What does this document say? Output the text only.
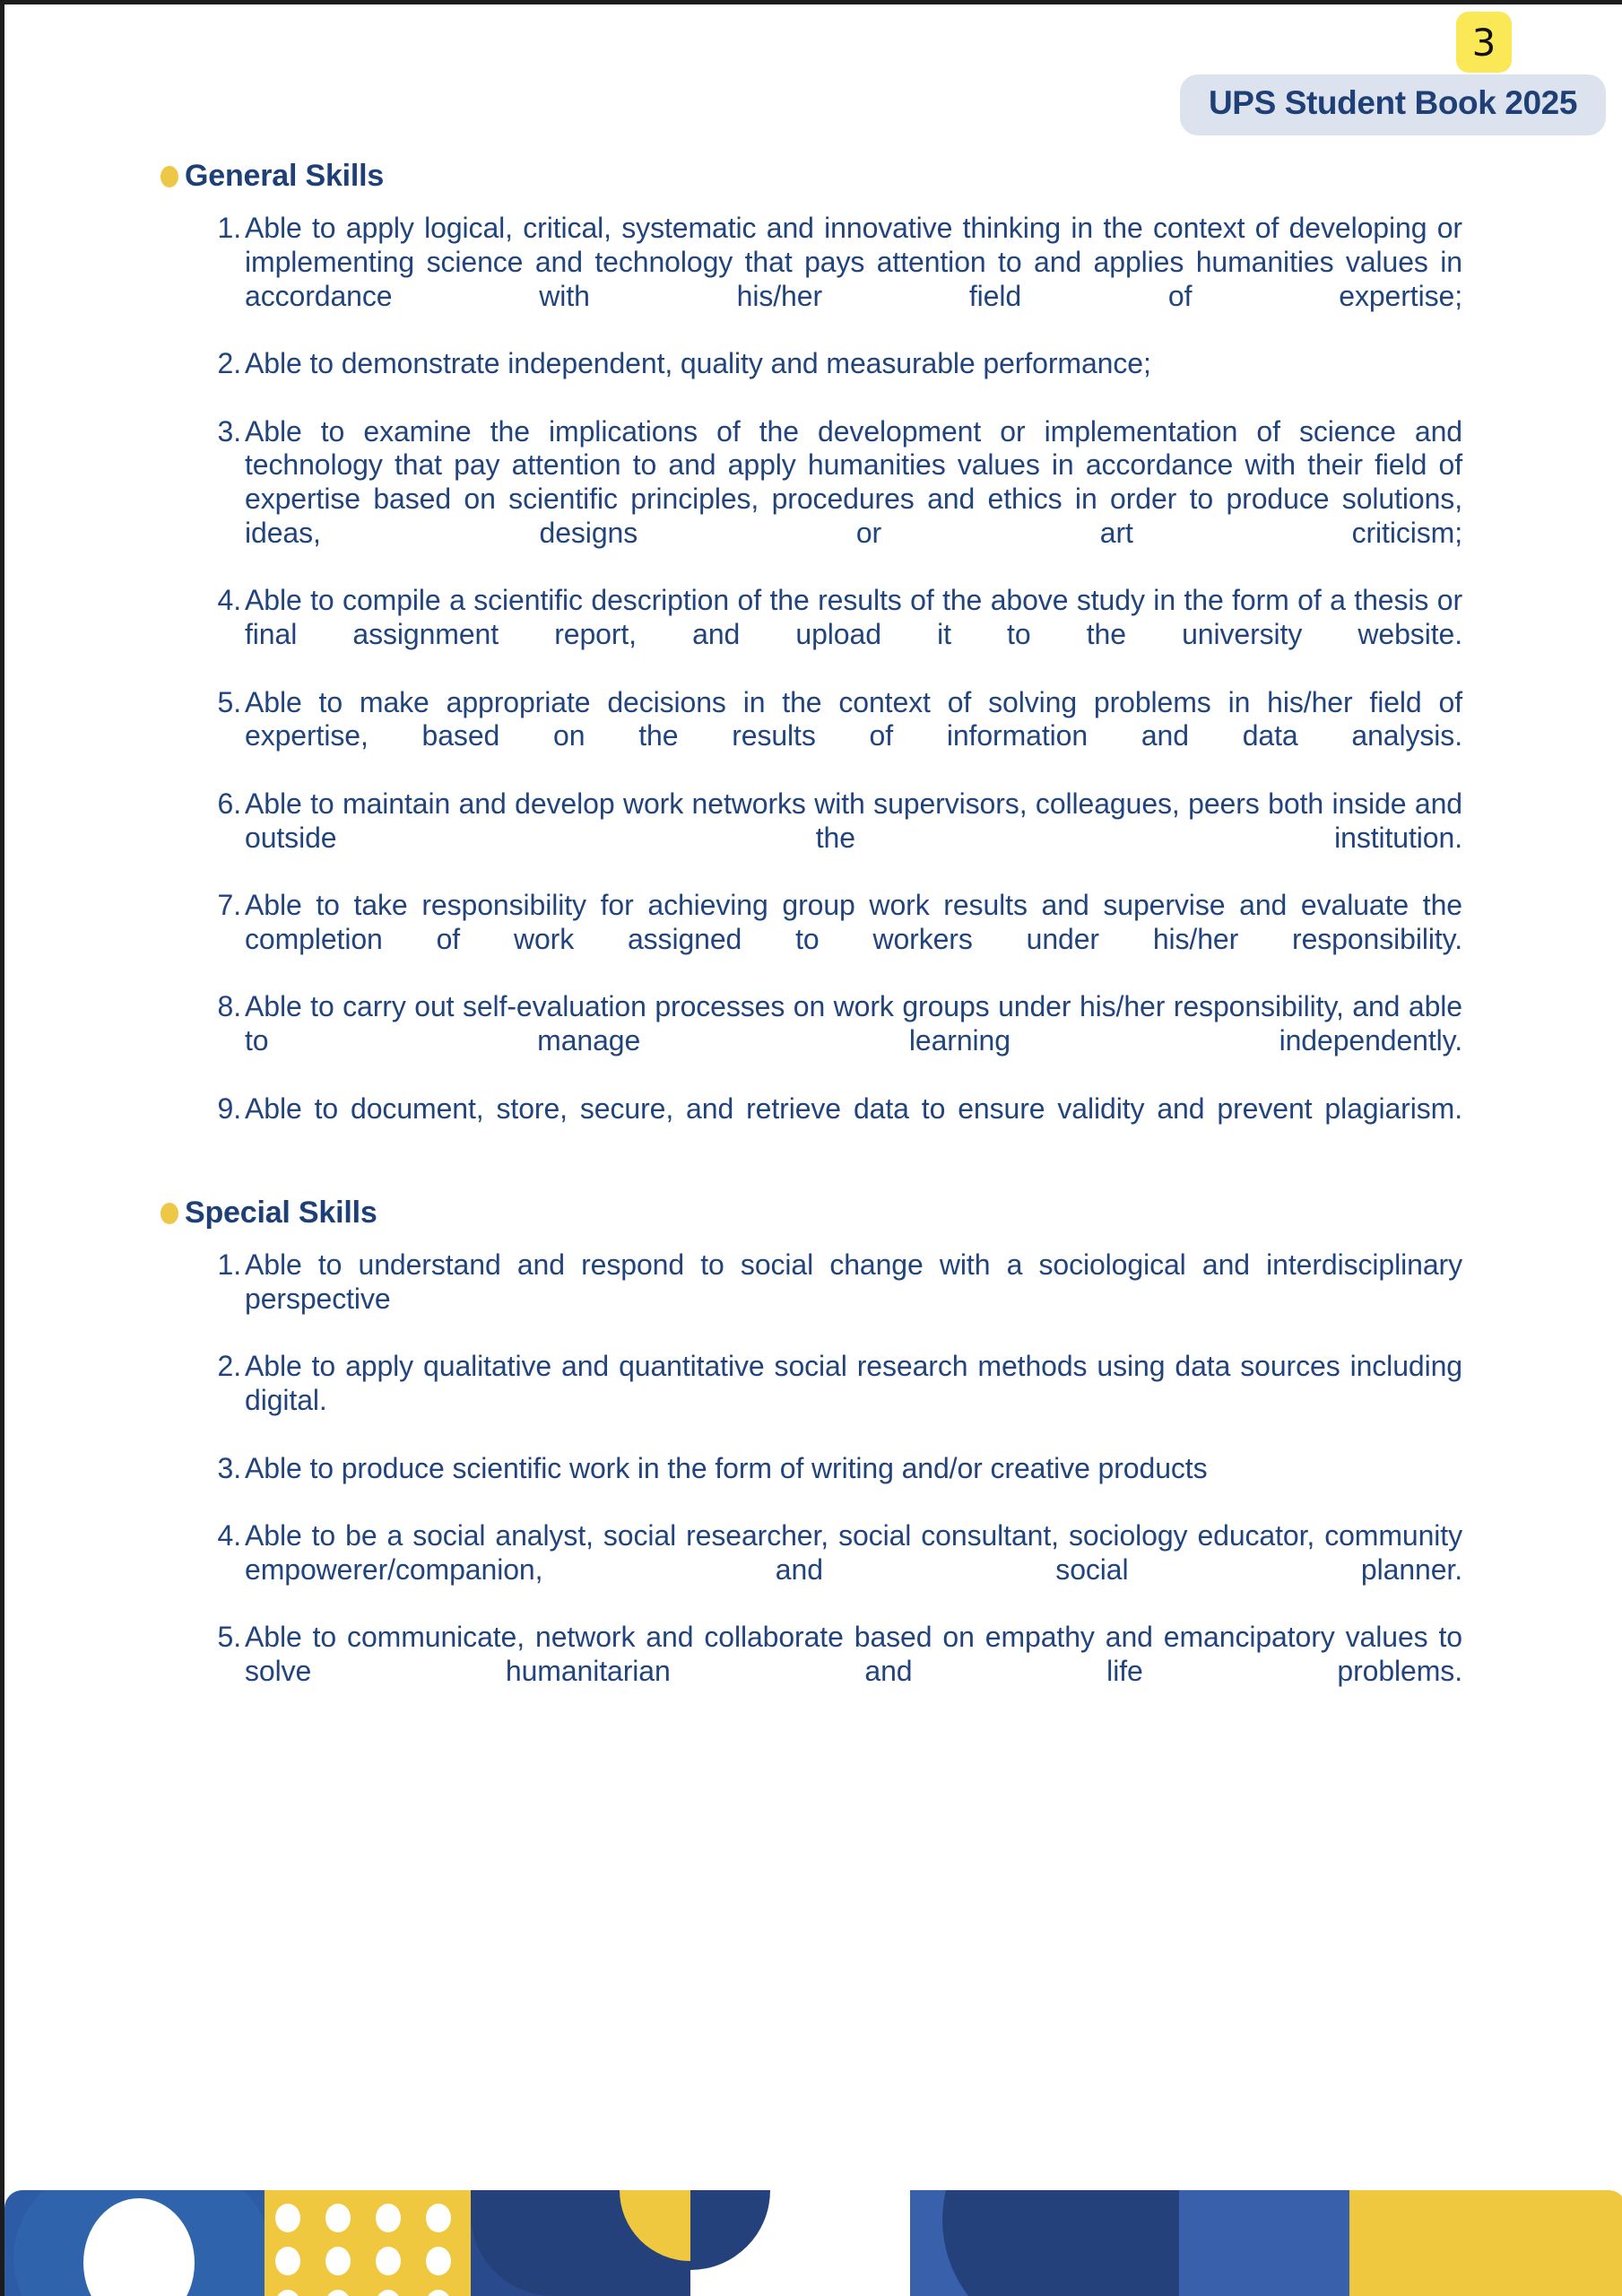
3
UPS Student Book 2025
General Skills
1. Able to apply logical, critical, systematic and innovative thinking in the context of developing or implementing science and technology that pays attention to and applies humanities values in accordance with his/her field of expertise;
2. Able to demonstrate independent, quality and measurable performance;
3. Able to examine the implications of the development or implementation of science and technology that pay attention to and apply humanities values in accordance with their field of expertise based on scientific principles, procedures and ethics in order to produce solutions, ideas, designs or art criticism;
4. Able to compile a scientific description of the results of the above study in the form of a thesis or final assignment report, and upload it to the university website.
5. Able to make appropriate decisions in the context of solving problems in his/her field of expertise, based on the results of information and data analysis.
6. Able to maintain and develop work networks with supervisors, colleagues, peers both inside and outside the institution.
7. Able to take responsibility for achieving group work results and supervise and evaluate the completion of work assigned to workers under his/her responsibility.
8. Able to carry out self-evaluation processes on work groups under his/her responsibility, and able to manage learning independently.
9. Able to document, store, secure, and retrieve data to ensure validity and prevent plagiarism.
Special Skills
1. Able to understand and respond to social change with a sociological and interdisciplinary perspective
2. Able to apply qualitative and quantitative social research methods using data sources including digital.
3. Able to produce scientific work in the form of writing and/or creative products
4. Able to be a social analyst, social researcher, social consultant, sociology educator, community empowerer/companion, and social planner.
5. Able to communicate, network and collaborate based on empathy and emancipatory values to solve humanitarian and life problems.
